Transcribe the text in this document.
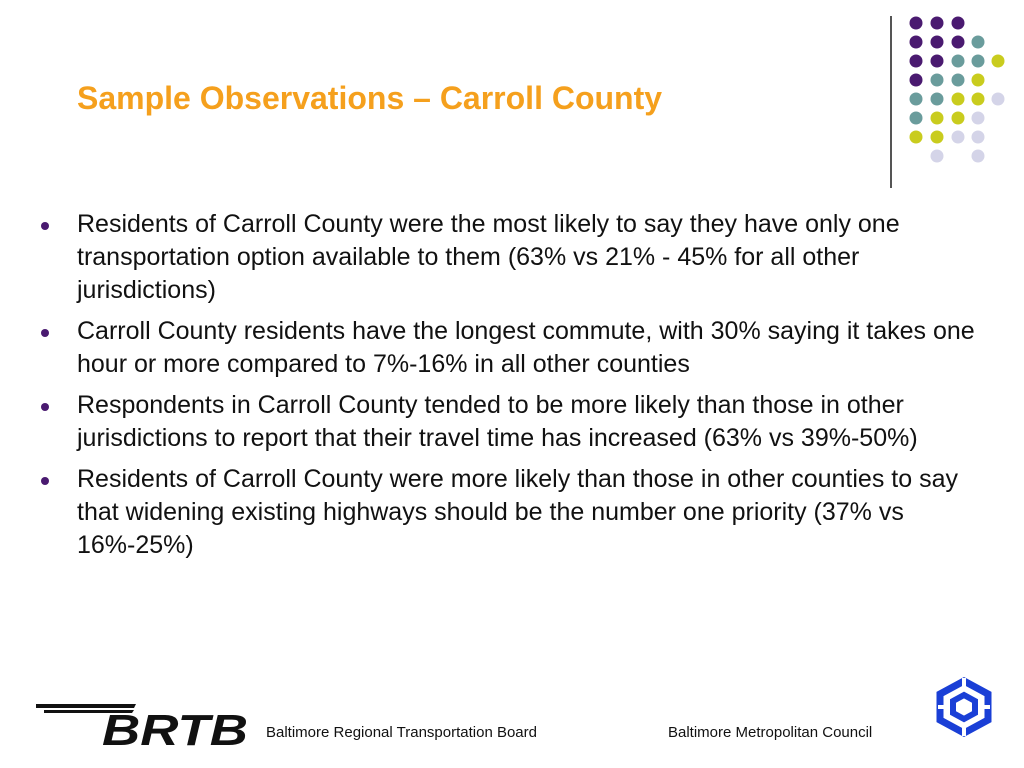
Sample Observations – Carroll County
Residents of Carroll County were the most likely to say they have only one transportation option available to them (63% vs 21% - 45% for all other jurisdictions)
Carroll County residents have the longest commute, with 30% saying it takes one hour or more compared to 7%-16% in all other counties
Respondents in Carroll County tended to be more likely than those in other jurisdictions to report that their travel time has increased (63% vs 39%-50%)
Residents of Carroll County were more likely than those in other counties to say that widening existing highways should be the number one priority (37% vs 16%-25%)
BRTB Baltimore Regional Transportation Board	Baltimore Metropolitan Council
